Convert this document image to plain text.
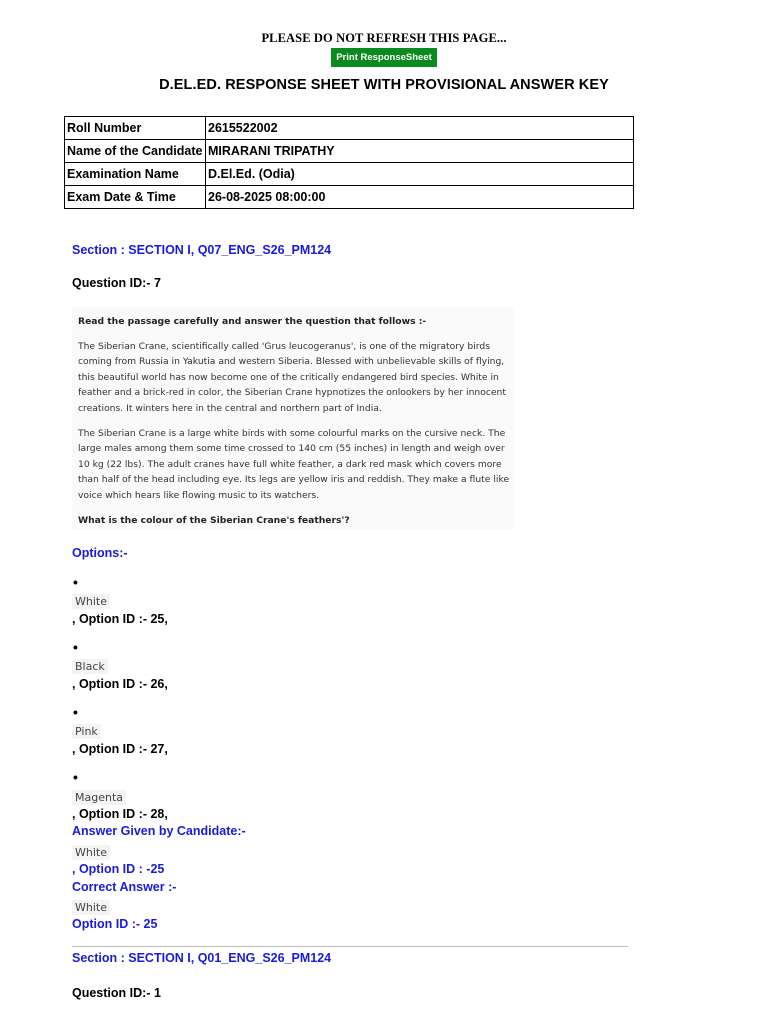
PLEASE DO NOT REFRESH THIS PAGE...
Print ResponseSheet
D.EL.ED. RESPONSE SHEET WITH PROVISIONAL ANSWER KEY
Roll Number	2615522002
Name of the Candidate	MIRARANI TRIPATHY
Examination Name	D.El.Ed. (Odia)
Exam Date & Time	26-08-2025 08:00:00
Section : SECTION I, Q07_ENG_S26_PM124
Question ID:- 7

Read the passage carefully and answer the question that follows :-

The Siberian Crane, scientifically called 'Grus leucogeranus', is one of the migratory birds coming from Russia in Yakutia and western Siberia. Blessed with unbelievable skills of flying, this beautiful world has now become one of the critically endangered bird species. White in feather and a brick-red in color, the Siberian Crane hypnotizes the onlookers by her innocent creations. It winters here in the central and northern part of India.

The Siberian Crane is a large white birds with some colourful marks on the cursive neck. The large males among them some time crossed to 140 cm (55 inches) in length and weigh over 10 kg (22 lbs). The adult cranes have full white feather, a dark red mask which covers more than half of the head including eye. Its legs are yellow iris and reddish. They make a flute like voice which hears like flowing music to its watchers.

What is the colour of the Siberian Crane's feathers'?

Options:-
•
White
, Option ID :- 25,
•
Black
, Option ID :- 26,
•
Pink
, Option ID :- 27,
•
Magenta
, Option ID :- 28,
Answer Given by Candidate:-
White
, Option ID : -25
Correct Answer :-
White
Option ID :- 25
Section : SECTION I, Q01_ENG_S26_PM124
Question ID:- 1
